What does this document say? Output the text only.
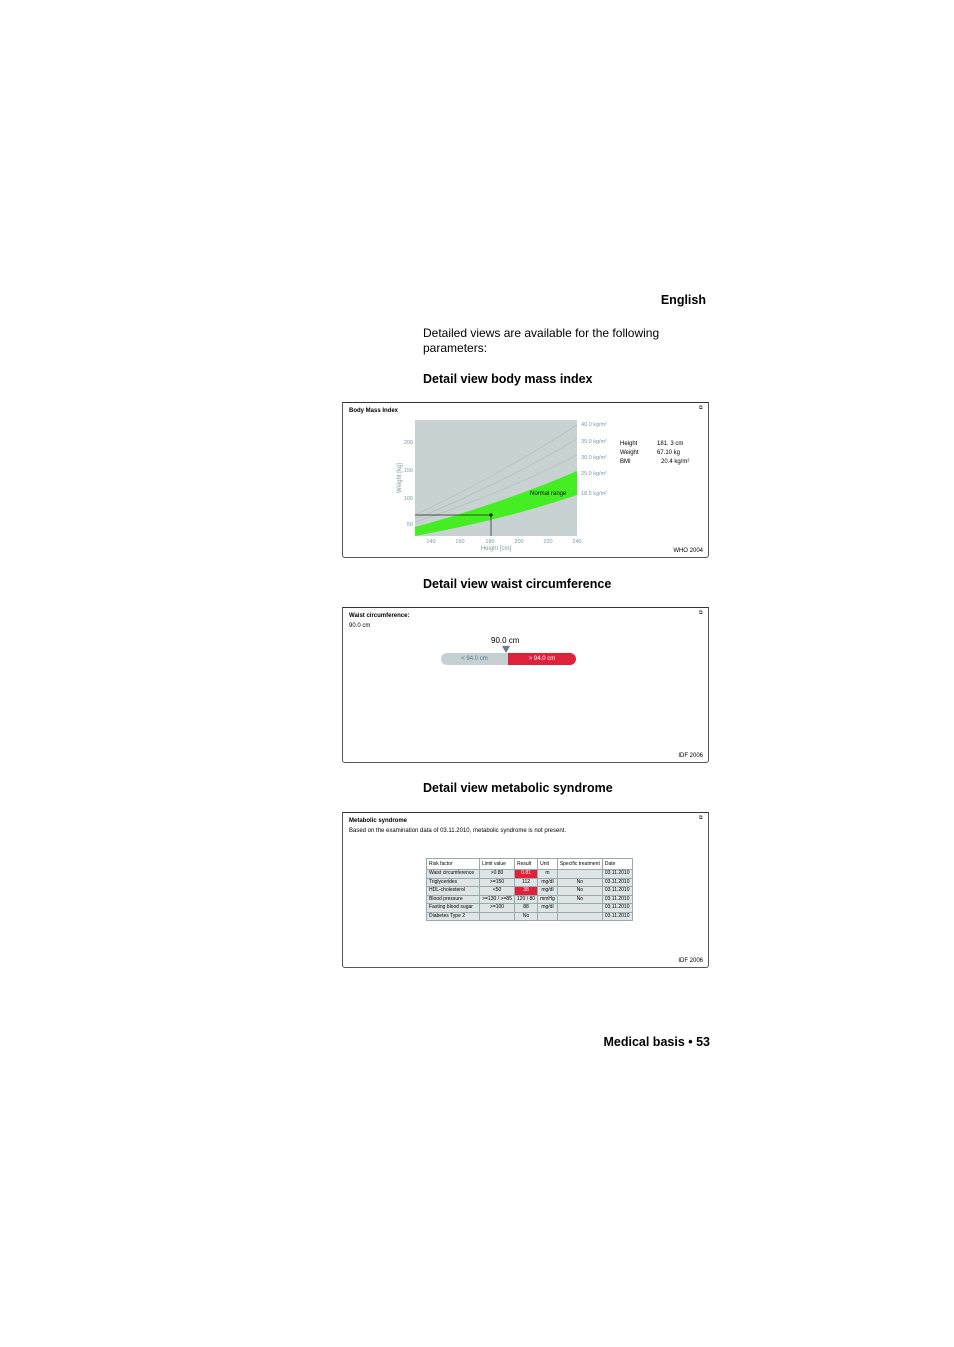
English
Detailed views are available for the following parameters:
Detail view body mass index
Body Mass Index	⧉
Normal range
40.0 kg/m²
35.0 kg/m²
30.0 kg/m²
25.0 kg/m²
18.5 kg/m²
200
150
100
50
Weight [kg]
140	160	180	200	220	240
Height [cm]
Height	181. 3 cm
Weight	67.10 kg
BMI	20.4 kg/m²
WHO 2004
Detail view waist circumference
Waist circumference:
90.0 cm
⧉
90.0 cm
< 94.0 cm	> 94.0 cm
IDF 2006
Detail view metabolic syndrome
Metabolic syndrome
Based on the examination data of 03.11.2010, metabolic syndrome is not present.
⧉
Risk factor	Limit value	Result	Unit	Specific treatment	Date
Waist circumference	>0.80	0.81	m		03.11.2010
Triglycerides	>=150	112	mg/dl	No	03.11.2010
HDL-cholesterol	<50	38	mg/dl	No	03.11.2010
Blood pressure	>=130 / >=85	120 / 80	mmHg	No	03.11.2010
Fasting blood sugar	>=100	88	mg/dl		03.11.2010
Diabetes Type 2		No			03.11.2010
IDF 2006
Medical basis • 53
